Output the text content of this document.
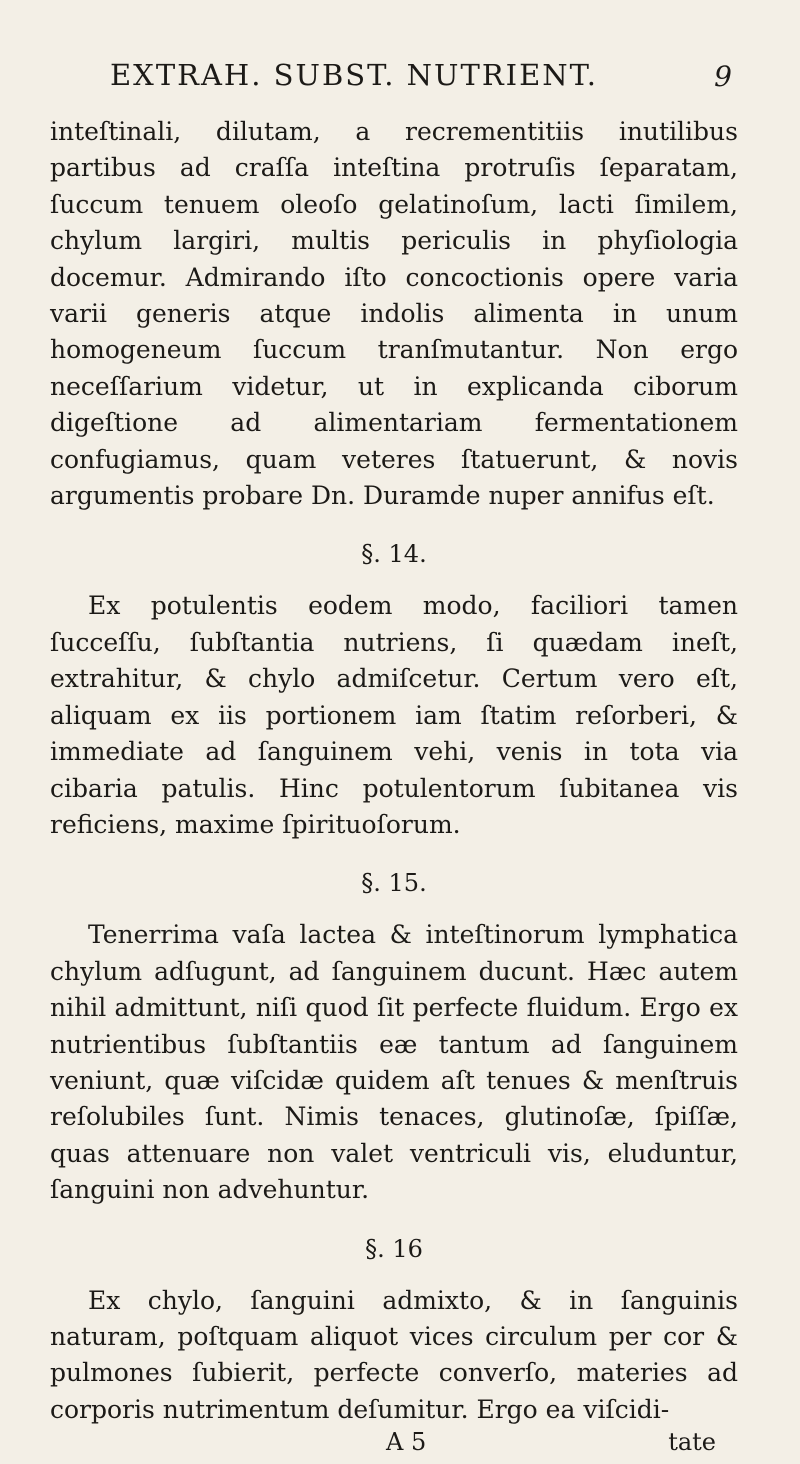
EXTRAH. SUBST. NUTRIENT.	9

inteſtinali, dilutam, a recrementitiis inutilibus partibus ad craſſa inteſtina protruſis ſeparatam, ſuccum tenuem oleoſo gelatinoſum, lacti ſimilem, chylum largiri, multis periculis in phyſiologia docemur. Admirando iſto concoctionis opere varia varii generis atque indolis alimenta in unum homogeneum ſuccum tranſmutantur. Non ergo neceſſarium videtur, ut in explicanda ciborum digeſtione ad alimentariam fermentationem confugiamus, quam veteres ſtatuerunt, & novis argumentis probare Dn. Duramde nuper annifus eſt.

§. 14.

Ex potulentis eodem modo, faciliori tamen ſucceſſu, ſubſtantia nutriens, ſi quædam ineſt, extrahitur, & chylo admiſcetur. Certum vero eſt, aliquam ex iis portionem iam ſtatim reſorberi, & immediate ad ſanguinem vehi, venis in tota via cibaria patulis. Hinc potulentorum ſubitanea vis reficiens, maxime ſpirituoſorum.

§. 15.

Tenerrima vaſa lactea & inteſtinorum lymphatica chylum adſugunt, ad ſanguinem ducunt. Hæc autem nihil admittunt, niſi quod ſit perfecte fluidum. Ergo ex nutrientibus ſubſtantiis eæ tantum ad ſanguinem veniunt, quæ viſcidæ quidem aſt tenues & menſtruis reſolubiles ſunt. Nimis tenaces, glutinoſæ, ſpiſſæ, quas attenuare non valet ventriculi vis, eluduntur, ſanguini non advehuntur.

§. 16

Ex chylo, ſanguini admixto, & in ſanguinis naturam, poſtquam aliquot vices circulum per cor & pulmones ſubierit, perfecte converſo, materies ad corporis nutrimentum deſumitur. Ergo ea viſcidi-

A 5	tate
